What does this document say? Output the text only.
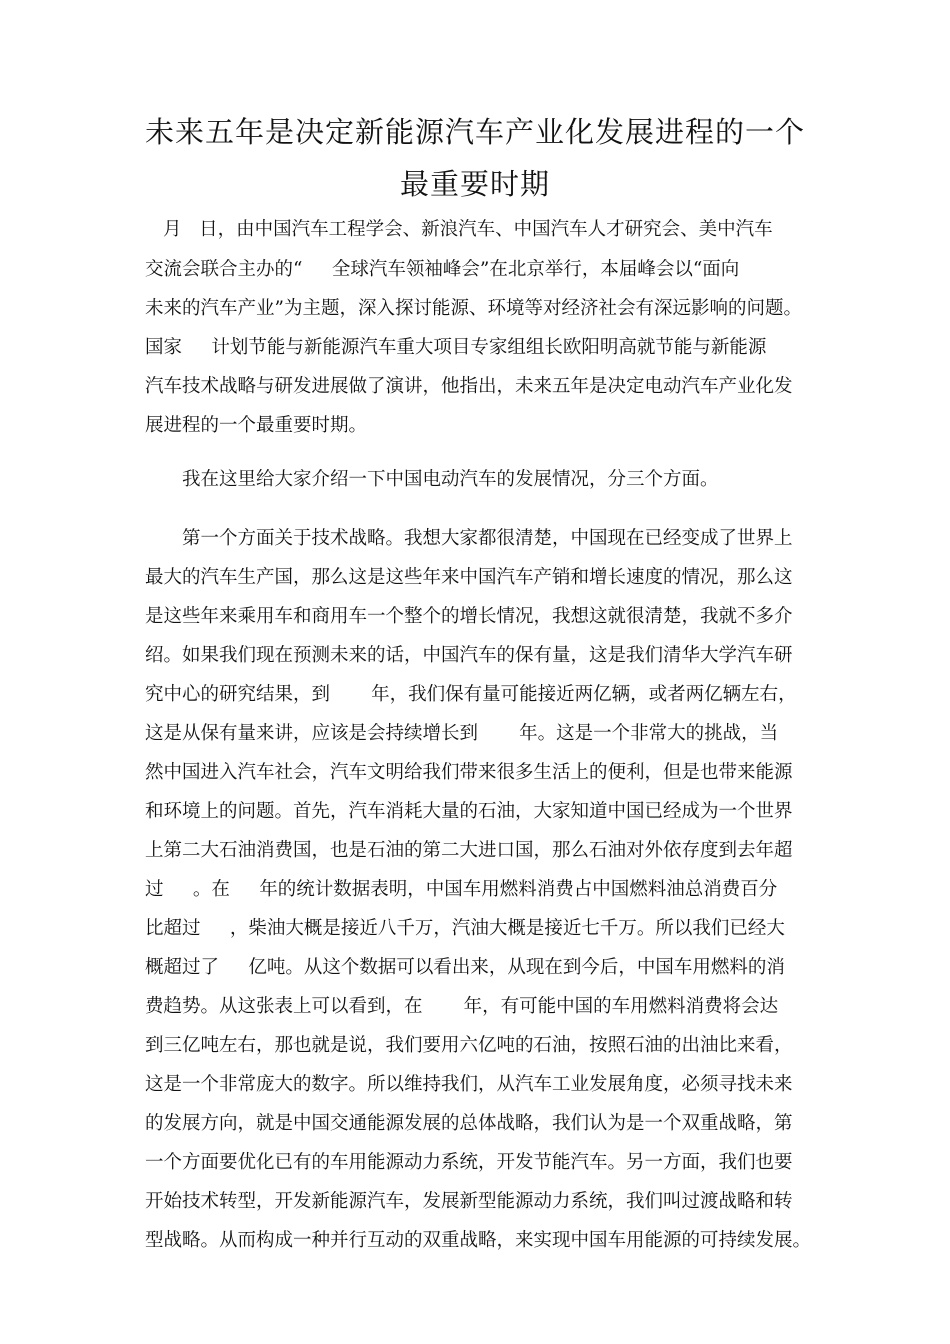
未来五年是决定新能源汽车产业化发展进程的一个
最重要时期
月   日，由中国汽车工程学会、新浪汽车、中国汽车人才研究会、美中汽车
交流会联合主办的“     全球汽车领袖峰会”在北京举行，本届峰会以“面向
未来的汽车产业”为主题，深入探讨能源、环境等对经济社会有深远影响的问题。
国家     计划节能与新能源汽车重大项目专家组组长欧阳明高就节能与新能源
汽车技术战略与研发进展做了演讲，他指出，未来五年是决定电动汽车产业化发
展进程的一个最重要时期。
我在这里给大家介绍一下中国电动汽车的发展情况，分三个方面。
第一个方面关于技术战略。我想大家都很清楚，中国现在已经变成了世界上
最大的汽车生产国，那么这是这些年来中国汽车产销和增长速度的情况，那么这
是这些年来乘用车和商用车一个整个的增长情况，我想这就很清楚，我就不多介
绍。如果我们现在预测未来的话，中国汽车的保有量，这是我们清华大学汽车研
究中心的研究结果，到       年，我们保有量可能接近两亿辆，或者两亿辆左右，
这是从保有量来讲，应该是会持续增长到       年。这是一个非常大的挑战，当
然中国进入汽车社会，汽车文明给我们带来很多生活上的便利，但是也带来能源
和环境上的问题。首先，汽车消耗大量的石油，大家知道中国已经成为一个世界
上第二大石油消费国，也是石油的第二大进口国，那么石油对外依存度到去年超
过     。在     年的统计数据表明，中国车用燃料消费占中国燃料油总消费百分
比超过     ，柴油大概是接近八千万，汽油大概是接近七千万。所以我们已经大
概超过了     亿吨。从这个数据可以看出来，从现在到今后，中国车用燃料的消
费趋势。从这张表上可以看到，在       年，有可能中国的车用燃料消费将会达
到三亿吨左右，那也就是说，我们要用六亿吨的石油，按照石油的出油比来看，
这是一个非常庞大的数字。所以维持我们，从汽车工业发展角度，必须寻找未来
的发展方向，就是中国交通能源发展的总体战略，我们认为是一个双重战略，第
一个方面要优化已有的车用能源动力系统，开发节能汽车。另一方面，我们也要
开始技术转型，开发新能源汽车，发展新型能源动力系统，我们叫过渡战略和转
型战略。从而构成一种并行互动的双重战略，来实现中国车用能源的可持续发展。
